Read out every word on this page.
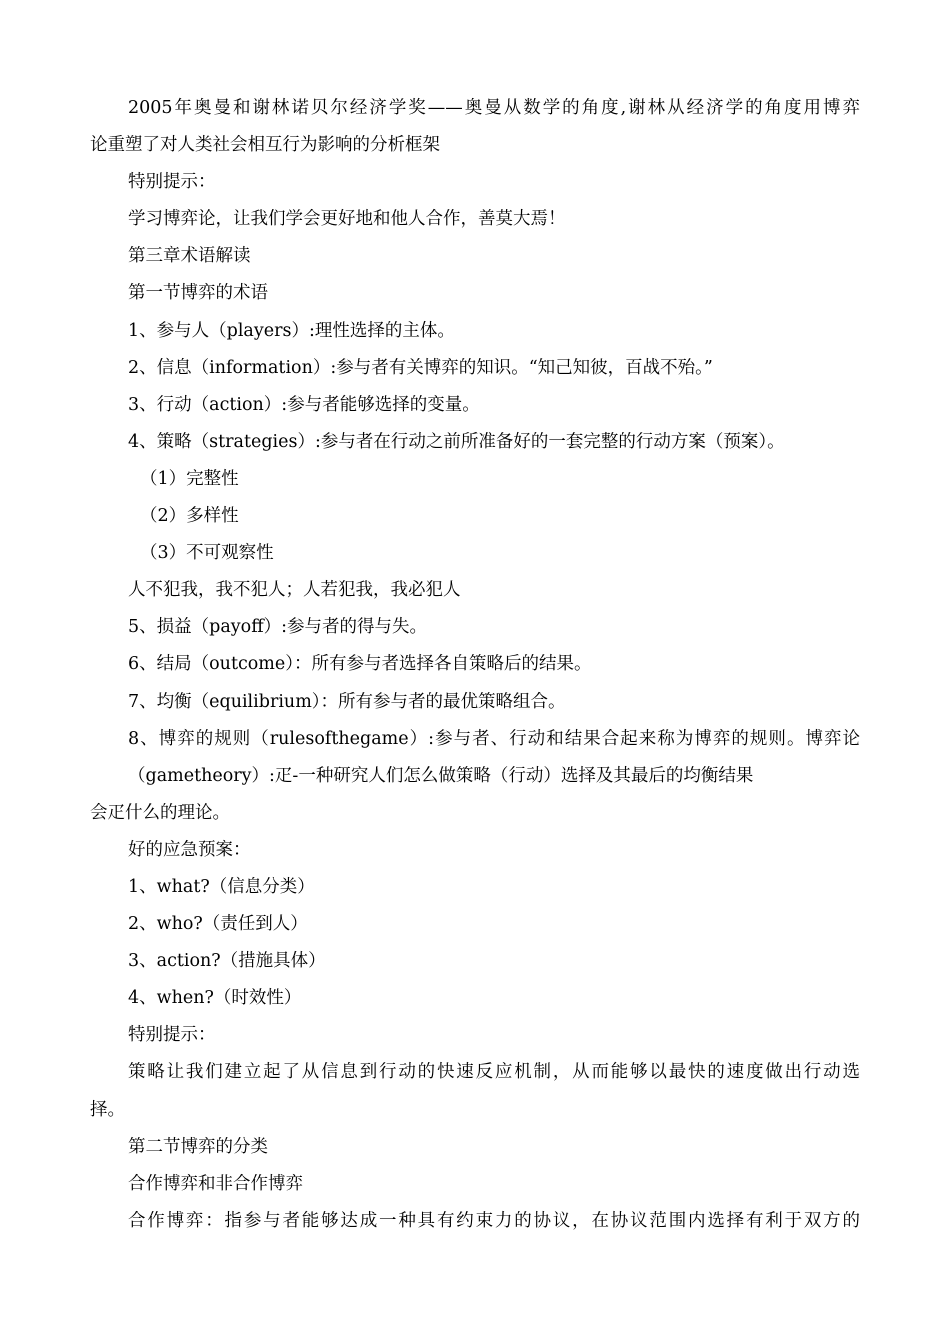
2005年奥曼和谢林诺贝尔经济学奖——奥曼从数学的角度,谢林从经济学的角度用博弈
论重塑了对人类社会相互行为影响的分析框架
特别提示：
学习博弈论，让我们学会更好地和他人合作，善莫大焉！
第三章术语解读
第一节博弈的术语
1、参与人（players）:理性选择的主体。
2、信息（information）:参与者有关博弈的知识。“知己知彼，百战不殆。”
3、行动（action）:参与者能够选择的变量。
4、策略（strategies）:参与者在行动之前所准备好的一套完整的行动方案（预案）。
（1）完整性
（2）多样性
（3）不可观察性
人不犯我，我不犯人；人若犯我，我必犯人
5、损益（payoff）:参与者的得与失。
6、结局（outcome）：所有参与者选择各自策略后的结果。
7、均衡（equilibrium）：所有参与者的最优策略组合。
8、博弈的规则（rulesofthegame）:参与者、行动和结果合起来称为博弈的规则。博弈论
（gametheory）:疋-一种研究人们怎么做策略（行动）选择及其最后的均衡结果
会疋什么的理论。
好的应急预案：
1、what?（信息分类）
2、who?（责任到人）
3、action?（措施具体）
4、when?（时效性）
特别提示：
策略让我们建立起了从信息到行动的快速反应机制，从而能够以最快的速度做出行动选
择。
第二节博弈的分类
合作博弈和非合作博弈
合作博弈：指参与者能够达成一种具有约束力的协议，在协议范围内选择有利于双方的
